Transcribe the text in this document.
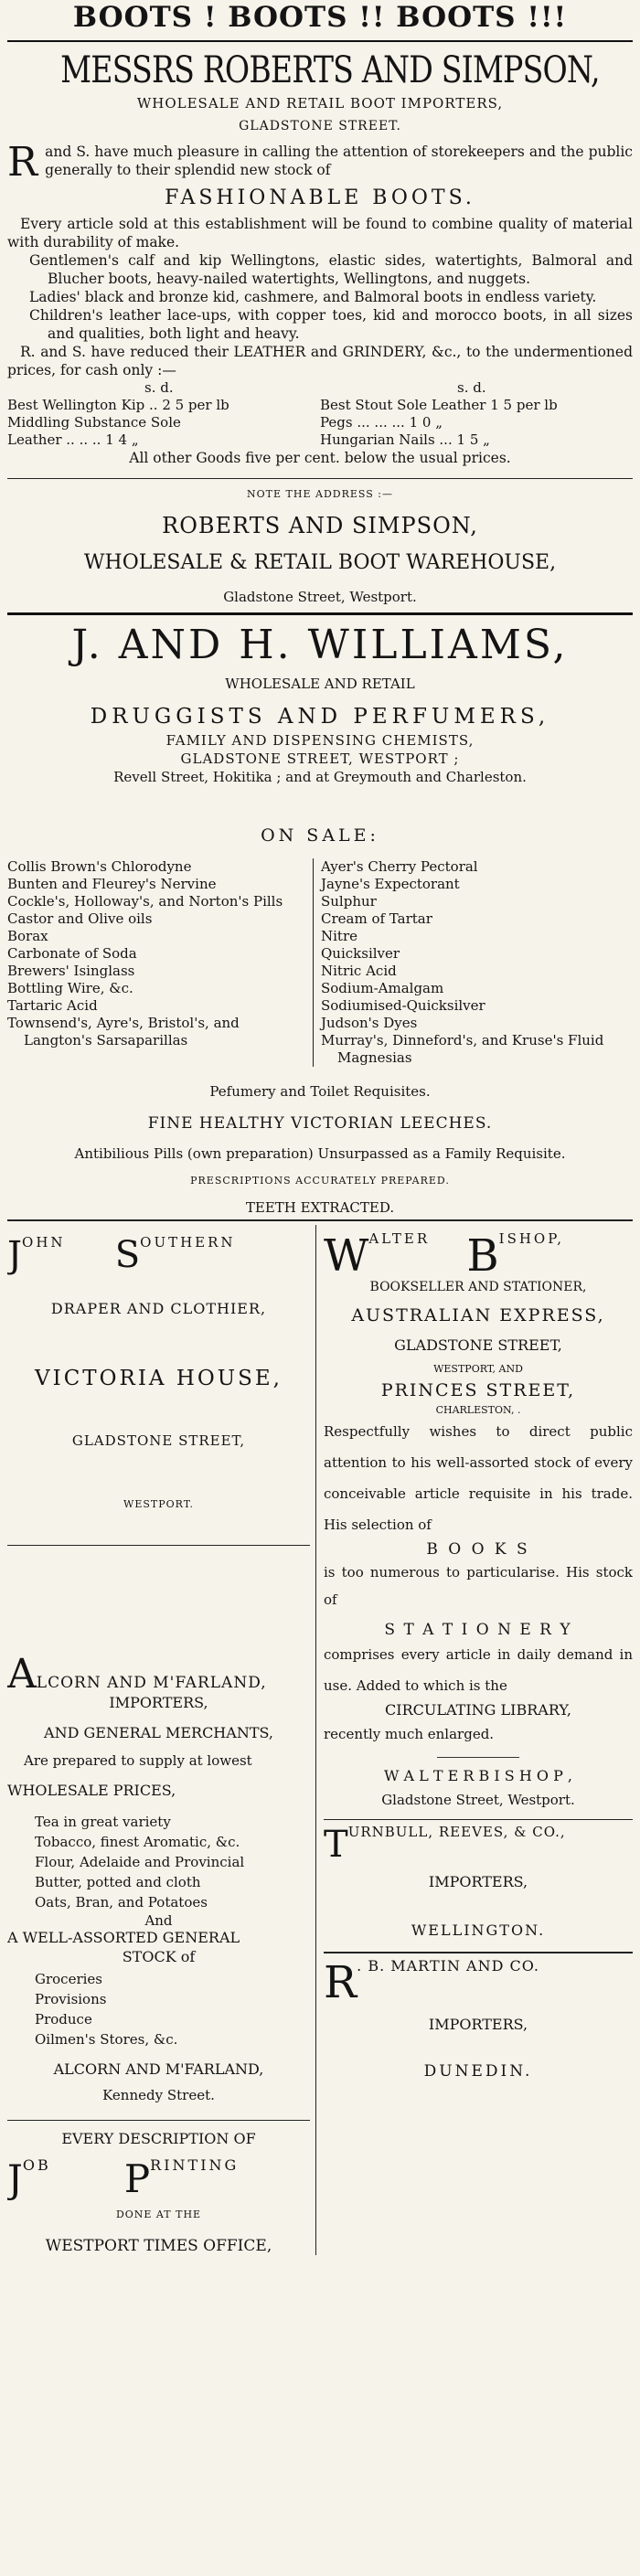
BOOTS ! BOOTS !! BOOTS !!!
MESSRS ROBERTS AND SIMPSON,
WHOLESALE AND RETAIL BOOT IMPORTERS,
GLADSTONE STREET.
R and S. have much pleasure in calling the attention of storekeepers and the public generally to their splendid new stock of
FASHIONABLE BOOTS.
Every article sold at this establishment will be found to combine quality of material with durability of make.
Gentlemen's calf and kip Wellingtons, elastic sides, watertights, Balmoral and Blucher boots, heavy-nailed watertights, Wellingtons, and nuggets.
Ladies' black and bronze kid, cashmere, and Balmoral boots in endless variety.
Children's leather lace-ups, with copper toes, kid and morocco boots, in all sizes and qualities, both light and heavy.
R. and S. have reduced their LEATHER and GRINDERY, &c., to the undermentioned prices, for cash only :—
s. d.	s. d.
Best Wellington Kip .. 2 5 per lb	Best Stout Sole Leather 1 5 per lb
Middling Substance Sole	Pegs ... ... ... 1 0 „
Leather .. .. .. 1 4 „	Hungarian Nails ... 1 5 „
All other Goods five per cent. below the usual prices.
NOTE THE ADDRESS :—
ROBERTS AND SIMPSON,
WHOLESALE & RETAIL BOOT WAREHOUSE,
Gladstone Street, Westport.
J. AND H. WILLIAMS,
WHOLESALE AND RETAIL
DRUGGISTS AND PERFUMERS,
FAMILY AND DISPENSING CHEMISTS,
GLADSTONE STREET, WESTPORT ;
Revell Street, Hokitika ; and at Greymouth and Charleston.
ON SALE:
Collis Brown's Chlorodyne
Bunten and Fleurey's Nervine
Cockle's, Holloway's, and Norton's Pills
Castor and Olive oils
Borax
Carbonate of Soda
Brewers' Isinglass
Bottling Wire, &c.
Tartaric Acid
Townsend's, Ayre's, Bristol's, and Langton's Sarsaparillas
Ayer's Cherry Pectoral
Jayne's Expectorant
Sulphur
Cream of Tartar
Nitre
Quicksilver
Nitric Acid
Sodium-Amalgam
Sodiumised-Quicksilver
Judson's Dyes
Murray's, Dinneford's, and Kruse's Fluid Magnesias
Pefumery and Toilet Requisites.
FINE HEALTHY VICTORIAN LEECHES.
Antibilious Pills (own preparation) Unsurpassed as a Family Requisite.
PRESCRIPTIONS ACCURATELY PREPARED.
TEETH EXTRACTED.
JOHN SOUTHERN
DRAPER AND CLOTHIER,
VICTORIA HOUSE,
GLADSTONE STREET,
WESTPORT.
ALCORN AND M'FARLAND,
IMPORTERS,
AND GENERAL MERCHANTS,
Are prepared to supply at lowest
WHOLESALE PRICES,
Tea in great variety
Tobacco, finest Aromatic, &c.
Flour, Adelaide and Provincial
Butter, potted and cloth
Oats, Bran, and Potatoes
And
A WELL-ASSORTED GENERAL
STOCK of
Groceries
Provisions
Produce
Oilmen's Stores, &c.
ALCORN AND M'FARLAND,
Kennedy Street.
EVERY DESCRIPTION OF
JOB PRINTING
DONE AT THE
WESTPORT TIMES OFFICE,
WALTER BISHOP,
BOOKSELLER AND STATIONER,
AUSTRALIAN EXPRESS,
GLADSTONE STREET,
WESTPORT, AND
PRINCES STREET,
CHARLESTON, .
Respectfully wishes to direct public attention to his well-assorted stock of every conceivable article requisite in his trade. His selection of
B O O K S
is too numerous to particularise. His stock of
S T A T I O N E R Y
comprises every article in daily demand in use. Added to which is the
CIRCULATING LIBRARY,
recently much enlarged.
W A L T E R B I S H O P ,
Gladstone Street, Westport.
TURNBULL, REEVES, & CO.,
IMPORTERS,
WELLINGTON.
R. B. MARTIN AND CO.
IMPORTERS,
DUNEDIN.
